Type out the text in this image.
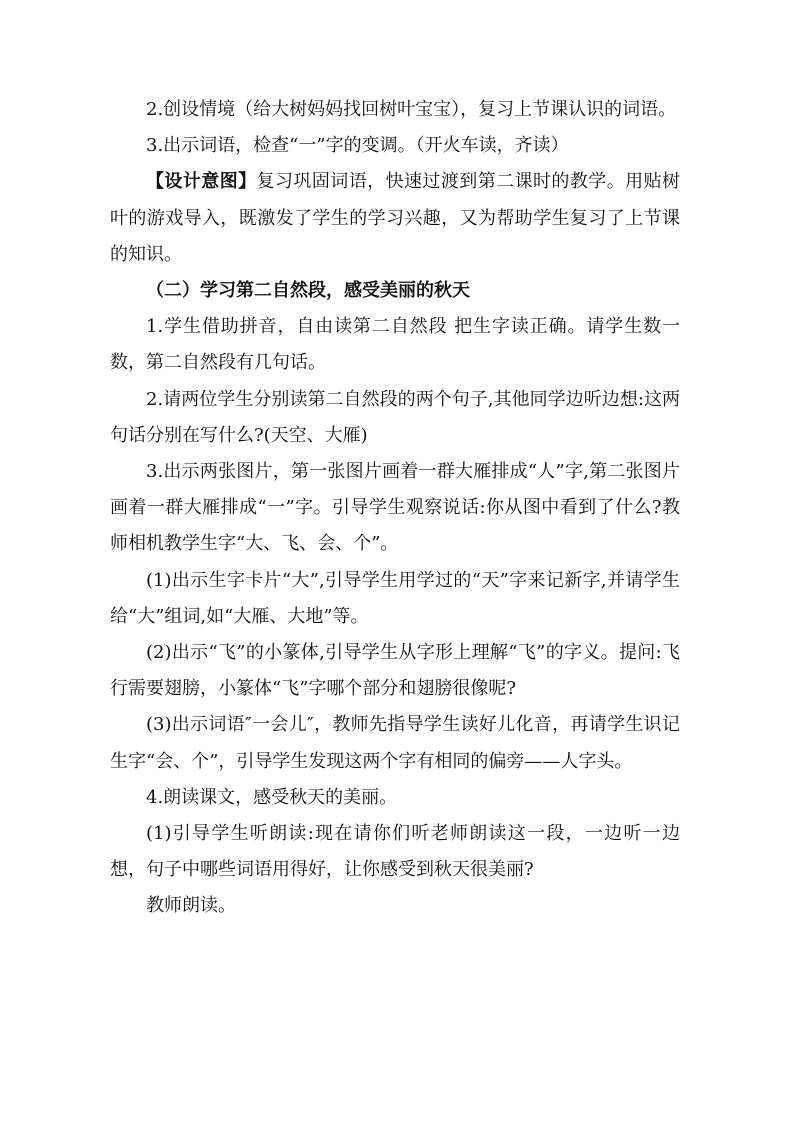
2.创设情境（给大树妈妈找回树叶宝宝），复习上节课认识的词语。

3.出示词语，检查“一”字的变调。（开火车读，齐读）

【设计意图】复习巩固词语，快速过渡到第二课时的教学。用贴树叶的游戏导入，既激发了学生的学习兴趣，又为帮助学生复习了上节课的知识。

（二）学习第二自然段，感受美丽的秋天

1.学生借助拼音，自由读第二自然段 把生字读正确。请学生数一数，第二自然段有几句话。

2.请两位学生分别读第二自然段的两个句子,其他同学边听边想:这两句话分别在写什么?(天空、大雁)

3.出示两张图片，第一张图片画着一群大雁排成“人”字,第二张图片画着一群大雁排成“一”字。引导学生观察说话:你从图中看到了什么?教师相机教学生字“大、飞、会、个”。

(1)出示生字卡片“大”,引导学生用学过的“天”字来记新字,并请学生给“大”组词,如“大雁、大地”等。

(2)出示“飞”的小篆体,引导学生从字形上理解“飞”的字义。提问:飞行需要翅膀，小篆体“飞”字哪个部分和翅膀很像呢?

(3)出示词语″一会儿″，教师先指导学生读好儿化音，再请学生识记生字“会、个”，引导学生发现这两个字有相同的偏旁——人字头。

4.朗读课文，感受秋天的美丽。

(1)引导学生听朗读:现在请你们听老师朗读这一段，一边听一边想，句子中哪些词语用得好，让你感受到秋天很美丽?

教师朗读。
